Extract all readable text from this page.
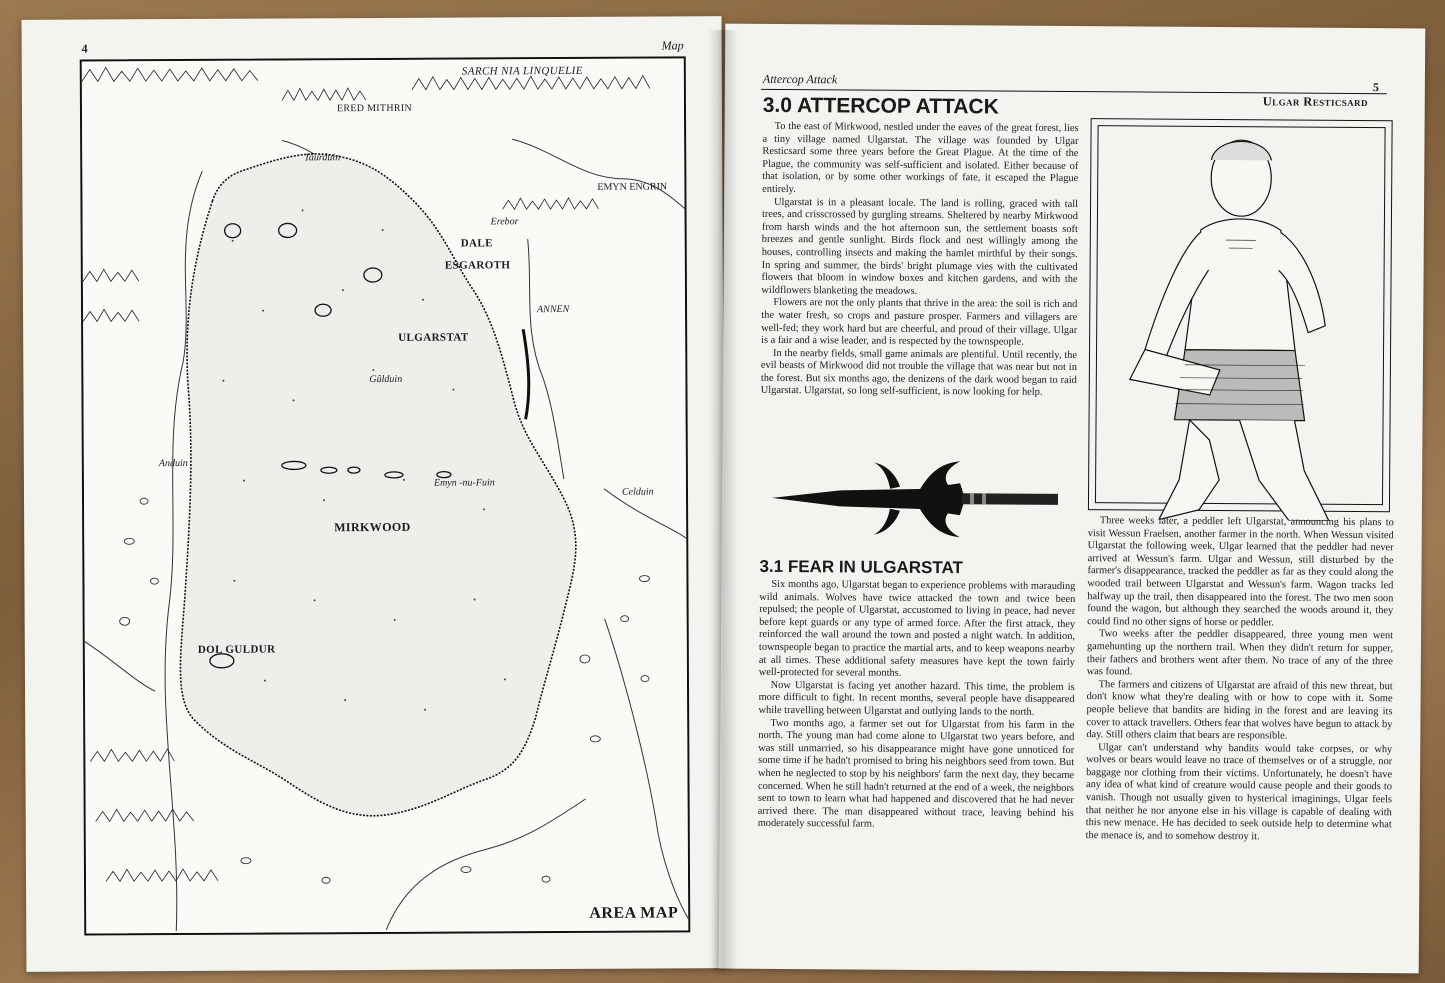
4	Map
SARCH NIA LINQUELIE
ERED MITHRIN
Taurduin
EMYN ENGRIN
Erebor
DALE
ESGAROTH
ANNEN
ULGARSTAT
Gûlduin
Anduin
Emyn -nu-Fuin
Celduin
MIRKWOOD
DOL GULDUR
AREA MAP
Attercop Attack
5
3.0 ATTERCOP ATTACK

To the east of Mirkwood, nestled under the eaves of the great forest, lies a tiny village named Ulgarstat. The village was founded by Ulgar Resticsard some three years before the Great Plague. At the time of the Plague, the community was self-sufficient and isolated. Either because of that isolation, or by some other workings of fate, it escaped the Plague entirely.

Ulgarstat is in a pleasant locale. The land is rolling, graced with tall trees, and crisscrossed by gurgling streams. Sheltered by nearby Mirkwood from harsh winds and the hot afternoon sun, the settlement boasts soft breezes and gentle sunlight. Birds flock and nest willingly among the houses, controlling insects and making the hamlet mirthful by their songs. In spring and summer, the birds' bright plumage vies with the cultivated flowers that bloom in window boxes and kitchen gardens, and with the wildflowers blanketing the meadows.

Flowers are not the only plants that thrive in the area: the soil is rich and the water fresh, so crops and pasture prosper. Farmers and villagers are well-fed; they work hard but are cheerful, and proud of their village. Ulgar is a fair and a wise leader, and is respected by the townspeople.

In the nearby fields, small game animals are plentiful. Until recently, the evil beasts of Mirkwood did not trouble the village that was near but not in the forest. But six months ago, the denizens of the dark wood began to raid Ulgarstat. Ulgarstat, so long self-sufficient, is now looking for help.

3.1 FEAR IN ULGARSTAT

Six months ago, Ulgarstat began to experience problems with marauding wild animals. Wolves have twice attacked the town and twice been repulsed; the people of Ulgarstat, accustomed to living in peace, had never before kept guards or any type of armed force. After the first attack, they reinforced the wall around the town and posted a night watch. In addition, townspeople began to practice the martial arts, and to keep weapons nearby at all times. These additional safety measures have kept the town fairly well-protected for several months.

Now Ulgarstat is facing yet another hazard. This time, the problem is more difficult to fight. In recent months, several people have disappeared while travelling between Ulgarstat and outlying lands to the north.

Two months ago, a farmer set out for Ulgarstat from his farm in the north. The young man had come alone to Ulgarstat two years before, and was still unmarried, so his disappearance might have gone unnoticed for some time if he hadn't promised to bring his neighbors seed from town. But when he neglected to stop by his neighbors' farm the next day, they became concerned. When he still hadn't returned at the end of a week, the neighbors sent to town to learn what had happened and discovered that he had never arrived there. The man disappeared without trace, leaving behind his moderately successful farm.

Ulgar Resticsard

Three weeks later, a peddler left Ulgarstat, announcing his plans to visit Wessun Fraelsen, another farmer in the north. When Wessun visited Ulgarstat the following week, Ulgar learned that the peddler had never arrived at Wessun's farm. Ulgar and Wessun, still disturbed by the farmer's disappearance, tracked the peddler as far as they could along the wooded trail between Ulgarstat and Wessun's farm. Wagon tracks led halfway up the trail, then disappeared into the forest. The two men soon found the wagon, but although they searched the woods around it, they could find no other signs of horse or peddler.

Two weeks after the peddler disappeared, three young men went gamehunting up the northern trail. When they didn't return for supper, their fathers and brothers went after them. No trace of any of the three was found.

The farmers and citizens of Ulgarstat are afraid of this new threat, but don't know what they're dealing with or how to cope with it. Some people believe that bandits are hiding in the forest and are leaving its cover to attack travellers. Others fear that wolves have begun to attack by day. Still others claim that bears are responsible.

Ulgar can't understand why bandits would take corpses, or why wolves or bears would leave no trace of themselves or of a struggle, nor baggage nor clothing from their victims. Unfortunately, he doesn't have any idea of what kind of creature would cause people and their goods to vanish. Though not usually given to hysterical imaginings, Ulgar feels that neither he nor anyone else in his village is capable of dealing with this new menace. He has decided to seek outside help to determine what the menace is, and to somehow destroy it.
